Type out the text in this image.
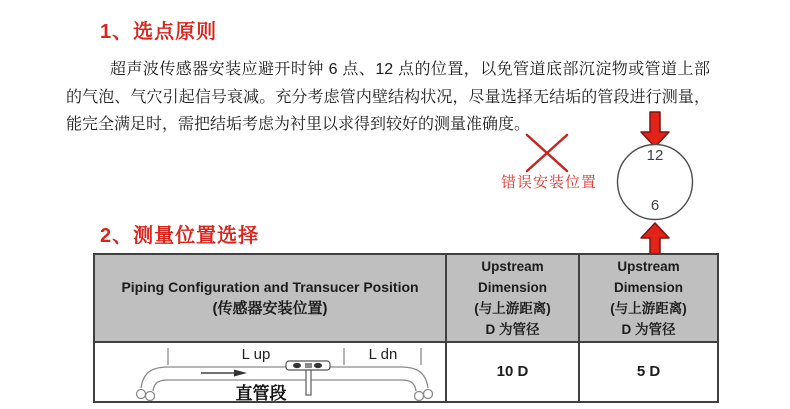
1、选点原则

超声波传感器安装应避开时钟 6 点、12 点的位置，以免管道底部沉淀物或管道上部的气泡、气穴引起信号衰减。充分考虑管内壁结构状况，尽量选择无结垢的管段进行测量，能完全满足时，需把结垢考虑为衬里以求得到较好的测量准确度。

12
6
错误安装位置
2、测量位置选择
Piping Configuration and Transucer Position
(传感器安装位置)	Upstream
Dimension
(与上游距离)
D 为管径	Upstream
Dimension
(与上游距离)
D 为管径

L up L dn
直管段	10 D	5 D
